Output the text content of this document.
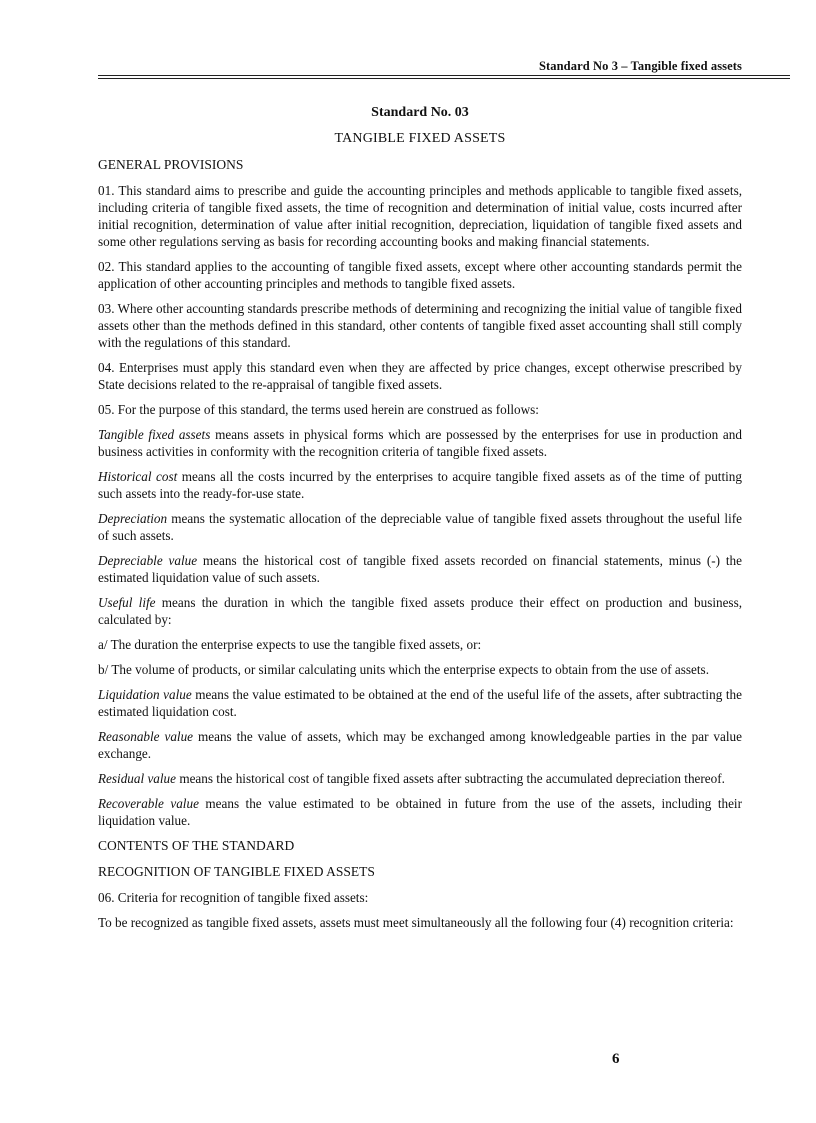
Standard No 3 – Tangible fixed assets
Standard No. 03
TANGIBLE FIXED ASSETS
GENERAL PROVISIONS

01. This standard aims to prescribe and guide the accounting principles and methods applicable to tangible fixed assets, including criteria of tangible fixed assets, the time of recognition and determination of initial value, costs incurred after initial recognition, determination of value after initial recognition, depreciation, liquidation of tangible fixed assets and some other regulations serving as basis for recording accounting books and making financial statements.

02. This standard applies to the accounting of tangible fixed assets, except where other accounting standards permit the application of other accounting principles and methods to tangible fixed assets.

03. Where other accounting standards prescribe methods of determining and recognizing the initial value of tangible fixed assets other than the methods defined in this standard, other contents of tangible fixed asset accounting shall still comply with the regulations of this standard.

04. Enterprises must apply this standard even when they are affected by price changes, except otherwise prescribed by State decisions related to the re-appraisal of tangible fixed assets.

05. For the purpose of this standard, the terms used herein are construed as follows:

Tangible fixed assets means assets in physical forms which are possessed by the enterprises for use in production and business activities in conformity with the recognition criteria of tangible fixed assets.

Historical cost means all the costs incurred by the enterprises to acquire tangible fixed assets as of the time of putting such assets into the ready-for-use state.

Depreciation means the systematic allocation of the depreciable value of tangible fixed assets throughout the useful life of such assets.

Depreciable value means the historical cost of tangible fixed assets recorded on financial statements, minus (-) the estimated liquidation value of such assets.

Useful life means the duration in which the tangible fixed assets produce their effect on production and business, calculated by:

a/ The duration the enterprise expects to use the tangible fixed assets, or:

b/ The volume of products, or similar calculating units which the enterprise expects to obtain from the use of assets.

Liquidation value means the value estimated to be obtained at the end of the useful life of the assets, after subtracting the estimated liquidation cost.

Reasonable value means the value of assets, which may be exchanged among knowledgeable parties in the par value exchange.

Residual value means the historical cost of tangible fixed assets after subtracting the accumulated depreciation thereof.

Recoverable value means the value estimated to be obtained in future from the use of the assets, including their liquidation value.

CONTENTS OF THE STANDARD
RECOGNITION OF TANGIBLE FIXED ASSETS

06. Criteria for recognition of tangible fixed assets:

To be recognized as tangible fixed assets, assets must meet simultaneously all the following four (4) recognition criteria:

6
